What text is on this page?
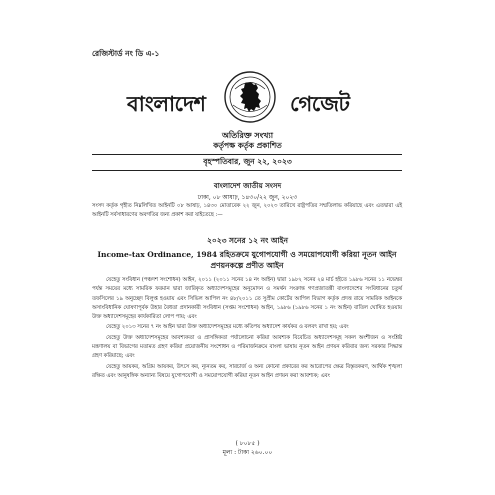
রেজিস্টার্ড নং ডি এ-১
বাংলাদেশ	গেজেট
অতিরিক্ত সংখ্যা
কর্তৃপক্ষ কর্তৃক প্রকাশিত
বৃহস্পতিবার, জুন ২২, ২০২৩
বাংলাদেশ জাতীয় সংসদ
ঢাকা, ০৮ আষাঢ়, ১৪৩০/২২ জুন, ২০২৩
সংসদ কর্তৃক গৃহীত নিম্নলিখিত আইনটি ০৮ আষাঢ়, ১৪৩০ মোতাবেক ২২ জুন, ২০২৩ তারিখে রাষ্ট্রপতির সম্মতিলাভ করিয়াছে এবং এতদ্বারা এই আইনটি সর্বসাধারণের অবগতির জন্য প্রকাশ করা যাইতেছে :—
২০২৩ সনের ১২ নং আইন
Income-tax Ordinance, 1984 রহিতক্রমে যুগোপযোগী ও সময়োপযোগী করিয়া নূতন আইন প্রণয়নকল্পে প্রণীত আইন

যেহেতু সংবিধান (পঞ্চদশ সংশোধন) আইন, ২০১১ (২০১১ সনের ১৪ নং আইন) দ্বারা ১৯৮২ সনের ২৪ মার্চ হইতে ১৯৮৬ সনের ১১ নভেম্বর পর্যন্ত সময়ের মধ্যে সামরিক ফরমান দ্বারা জারিকৃত অধ্যাদেশসমূহের অনুমোদন ও সমর্থন সংক্রান্ত গণপ্রজাতন্ত্রী বাংলাদেশের সংবিধানের চতুর্থ তফসিলের ১৯ অনুচ্ছেদ বিলুপ্ত হওয়ায় এবং সিভিল আপিল নং ৪৮/২০১১ তে সুপ্রীম কোর্টের আপিল বিভাগ কর্তৃক প্রদত্ত রায়ে সামরিক আইনকে অসাংবিধানিক ঘোষণাপূর্বক উহার বৈধতা প্রদানকারী সংবিধান (সপ্তম সংশোধন) আইন, ১৯৮৬ (১৯৮৬ সনের ১ নং আইন) বাতিল ঘোষিত হওয়ায় উক্ত অধ্যাদেশসমূহের কার্যকারিতা লোপ পায়; এবং

যেহেতু ২০১৩ সনের ৭ নং আইন দ্বারা উক্ত অধ্যাদেশসমূহের মধ্যে কতিপয় অধ্যাদেশ কার্যকর ও বলবৎ রাখা হয়; এবং

যেহেতু উক্ত অধ্যাদেশসমূহের আবশ্যকতা ও প্রাসঙ্গিকতা পর্যালোচনা করিয়া আবশ্যক বিবেচিত অধ্যাদেশসমূহ সকল অংশীজন ও সংশ্লিষ্ট মন্ত্রণালয় বা বিভাগের মতামত গ্রহণ করিয়া প্রয়োজনীয় সংশোধন ও পরিমার্জনক্রমে বাংলা ভাষায় নূতন আইন প্রণয়ন করিবার জন্য সরকার সিদ্ধান্ত গ্রহণ করিয়াছে; এবং

যেহেতু আয়কর, অগ্রিম আয়কর, উৎসে কর, ন্যূনতম কর, সারচার্জ ও অন্য কোনো প্রকারের কর আরোপের ক্ষেত্র বিস্তৃতকরণ, আর্থিক শৃঙ্খলা রক্ষিত এবং আনুষঙ্গিক অন্যান্য বিষয়ে যুগোপযোগী ও সময়োপযোগী করিয়া নূতন আইন প্রণয়ন করা আবশ্যক; এবং

( ৮০৮৫ )
মূল্য : টাকা ২৬০.০০
